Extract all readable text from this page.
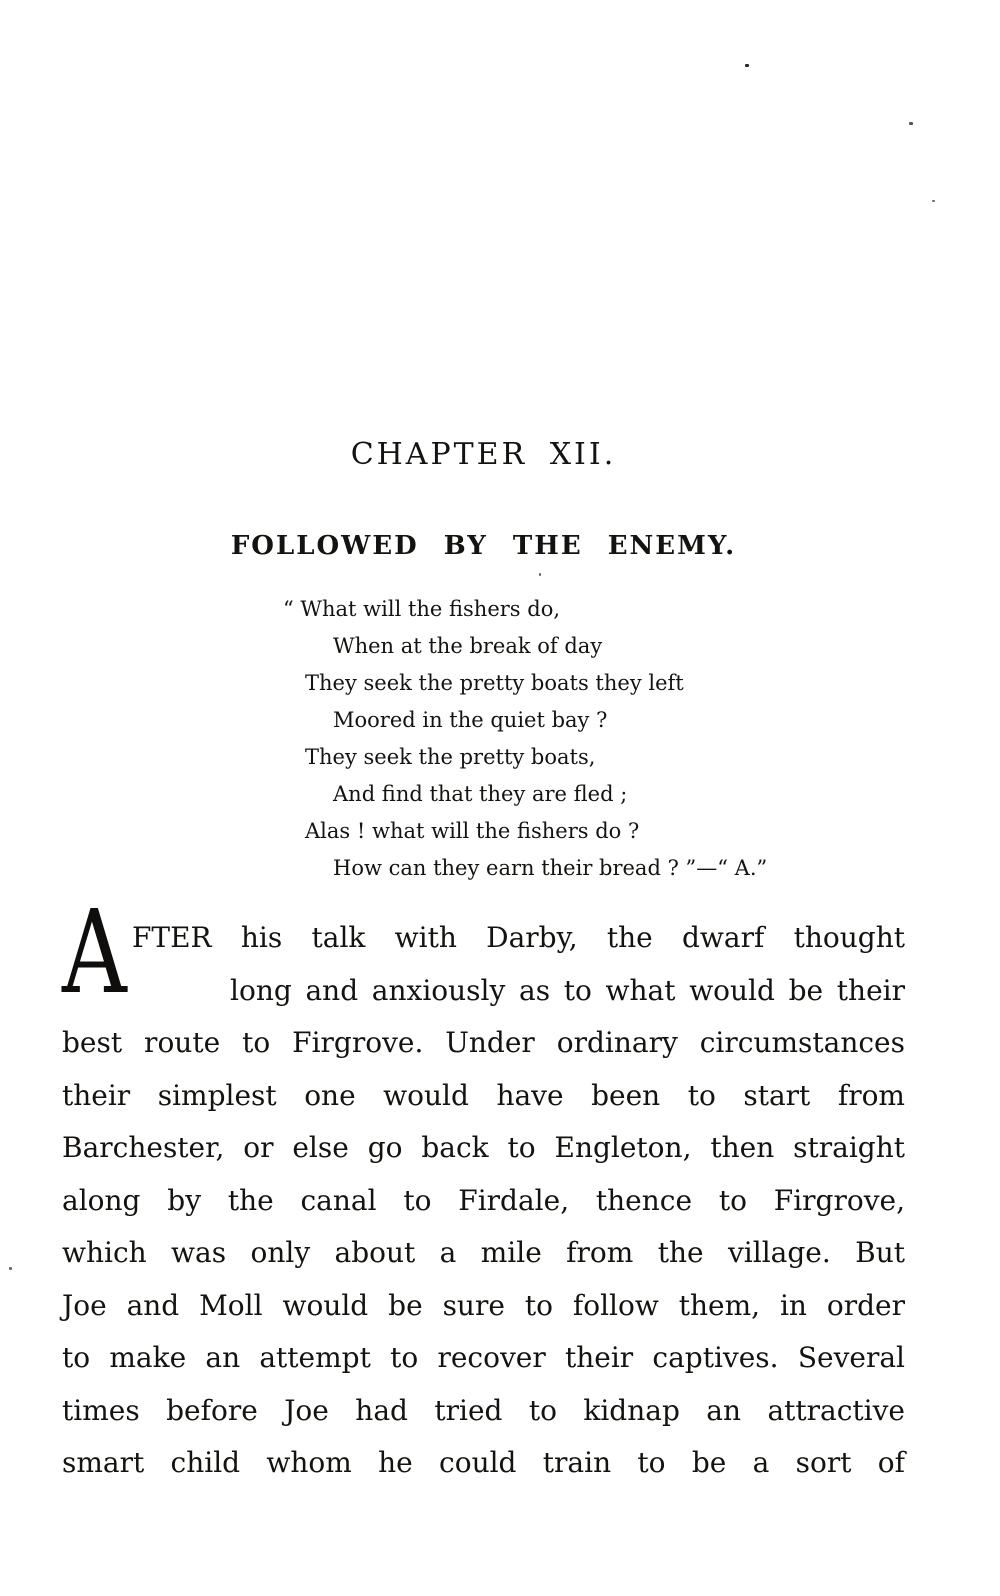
CHAPTER XII.
FOLLOWED BY THE ENEMY.
“ What will the fishers do,
When at the break of day
They seek the pretty boats they left
Moored in the quiet bay ?
They seek the pretty boats,
And find that they are fled ;
Alas ! what will the fishers do ?
How can they earn their bread ? ”—“ A.”
A FTER his talk with Darby, the dwarf thought
long and anxiously as to what would be their
best route to Firgrove. Under ordinary circumstances
their simplest one would have been to start from
Barchester, or else go back to Engleton, then straight
along by the canal to Firdale, thence to Firgrove,
which was only about a mile from the village. But
Joe and Moll would be sure to follow them, in order
to make an attempt to recover their captives. Several
times before Joe had tried to kidnap an attractive
smart child whom he could train to be a sort of
